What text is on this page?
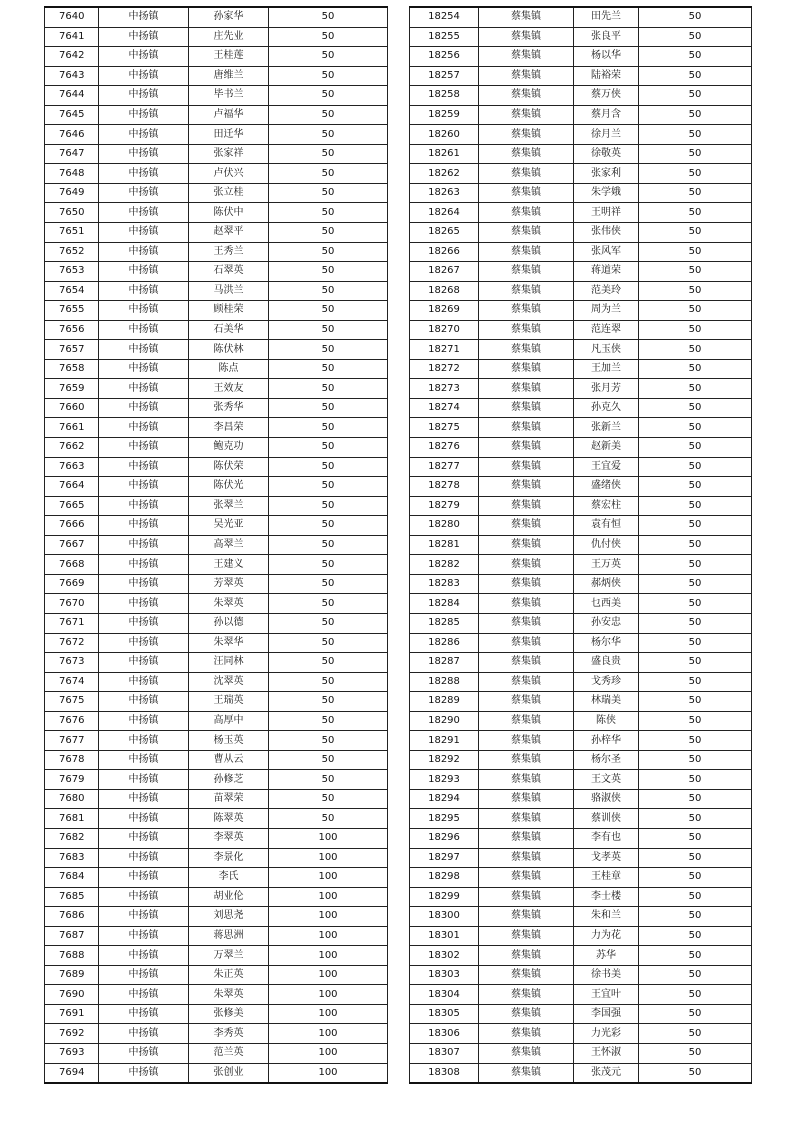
7640	中扬镇	孙家华	50
7641	中扬镇	庄先业	50
7642	中扬镇	王桂莲	50
7643	中扬镇	唐维兰	50
7644	中扬镇	毕书兰	50
7645	中扬镇	卢福华	50
7646	中扬镇	田迁华	50
7647	中扬镇	张家祥	50
7648	中扬镇	卢伏兴	50
7649	中扬镇	张立桂	50
7650	中扬镇	陈伏中	50
7651	中扬镇	赵翠平	50
7652	中扬镇	王秀兰	50
7653	中扬镇	石翠英	50
7654	中扬镇	马洪兰	50
7655	中扬镇	顾桂荣	50
7656	中扬镇	石美华	50
7657	中扬镇	陈伏林	50
7658	中扬镇	陈点	50
7659	中扬镇	王效友	50
7660	中扬镇	张秀华	50
7661	中扬镇	李昌荣	50
7662	中扬镇	鲍克功	50
7663	中扬镇	陈伏荣	50
7664	中扬镇	陈伏光	50
7665	中扬镇	张翠兰	50
7666	中扬镇	吴光亚	50
7667	中扬镇	高翠兰	50
7668	中扬镇	王建义	50
7669	中扬镇	芳翠英	50
7670	中扬镇	朱翠英	50
7671	中扬镇	孙以德	50
7672	中扬镇	朱翠华	50
7673	中扬镇	汪同林	50
7674	中扬镇	沈翠英	50
7675	中扬镇	王瑞英	50
7676	中扬镇	高厚中	50
7677	中扬镇	杨玉英	50
7678	中扬镇	曹从云	50
7679	中扬镇	孙修芝	50
7680	中扬镇	苗翠荣	50
7681	中扬镇	陈翠英	50
7682	中扬镇	李翠英	100
7683	中扬镇	李景化	100
7684	中扬镇	李氏	100
7685	中扬镇	胡业伦	100
7686	中扬镇	刘思尧	100
7687	中扬镇	蒋思洲	100
7688	中扬镇	万翠兰	100
7689	中扬镇	朱正英	100
7690	中扬镇	朱翠英	100
7691	中扬镇	张修美	100
7692	中扬镇	李秀英	100
7693	中扬镇	范兰英	100
7694	中扬镇	张创业	100
18254	蔡集镇	田先兰	50
18255	蔡集镇	张良平	50
18256	蔡集镇	杨以华	50
18257	蔡集镇	陆裕荣	50
18258	蔡集镇	蔡万侠	50
18259	蔡集镇	蔡月含	50
18260	蔡集镇	徐月兰	50
18261	蔡集镇	徐敬英	50
18262	蔡集镇	张家利	50
18263	蔡集镇	朱学娥	50
18264	蔡集镇	王明祥	50
18265	蔡集镇	张伟侠	50
18266	蔡集镇	张风军	50
18267	蔡集镇	蒋道荣	50
18268	蔡集镇	范美玲	50
18269	蔡集镇	周为兰	50
18270	蔡集镇	范连翠	50
18271	蔡集镇	凡玉侠	50
18272	蔡集镇	王加兰	50
18273	蔡集镇	张月芳	50
18274	蔡集镇	孙克久	50
18275	蔡集镇	张新兰	50
18276	蔡集镇	赵新美	50
18277	蔡集镇	王宜爱	50
18278	蔡集镇	盛绪侠	50
18279	蔡集镇	蔡宏柱	50
18280	蔡集镇	袁有恒	50
18281	蔡集镇	仇付侠	50
18282	蔡集镇	王万英	50
18283	蔡集镇	郝炳侠	50
18284	蔡集镇	乜西美	50
18285	蔡集镇	孙安忠	50
18286	蔡集镇	杨尔华	50
18287	蔡集镇	盛良贵	50
18288	蔡集镇	戈秀珍	50
18289	蔡集镇	林瑞美	50
18290	蔡集镇	陈侠	50
18291	蔡集镇	孙梓华	50
18292	蔡集镇	杨尔圣	50
18293	蔡集镇	王文英	50
18294	蔡集镇	骆淑侠	50
18295	蔡集镇	蔡训侠	50
18296	蔡集镇	李有也	50
18297	蔡集镇	戈孝英	50
18298	蔡集镇	王桂章	50
18299	蔡集镇	李士楼	50
18300	蔡集镇	朱和兰	50
18301	蔡集镇	力为花	50
18302	蔡集镇	苏华	50
18303	蔡集镇	徐书美	50
18304	蔡集镇	王宜叶	50
18305	蔡集镇	李国强	50
18306	蔡集镇	力光彩	50
18307	蔡集镇	王怀淑	50
18308	蔡集镇	张茂元	50
